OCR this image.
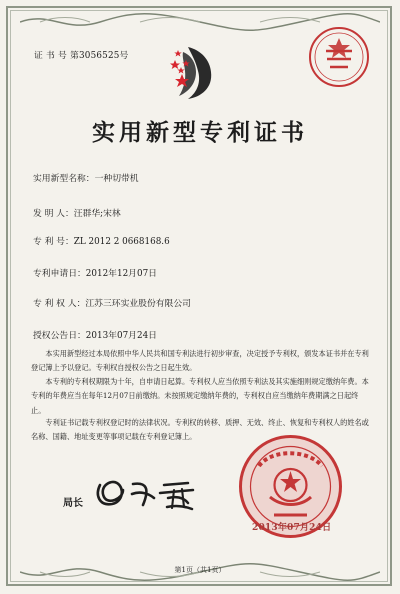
证 书 号 第3056525号
实用新型专利证书
实用新型名称：一种切带机
发 明 人：汪群华;宋林
专 利 号：ZL 2012 2 0668168.6
专利申请日：2012年12月07日
专 利 权 人：江苏三环实业股份有限公司
授权公告日：2013年07月24日
本实用新型经过本局依照中华人民共和国专利法进行初步审查，决定授予专利权，颁发本证书并在专利登记簿上予以登记。专利权自授权公告之日起生效。
本专利的专利权期限为十年，自申请日起算。专利权人应当依照专利法及其实施细则规定缴纳年费。本专利的年费应当在每年12月07日前缴纳。未按照规定缴纳年费的，专利权自应当缴纳年费期满之日起终止。
专利证书记载专利权登记时的法律状况。专利权的转移、质押、无效、终止、恢复和专利权人的姓名或名称、国籍、地址变更等事项记载在专利登记簿上。
局长
2013年07月24日
第1页（共1页）
